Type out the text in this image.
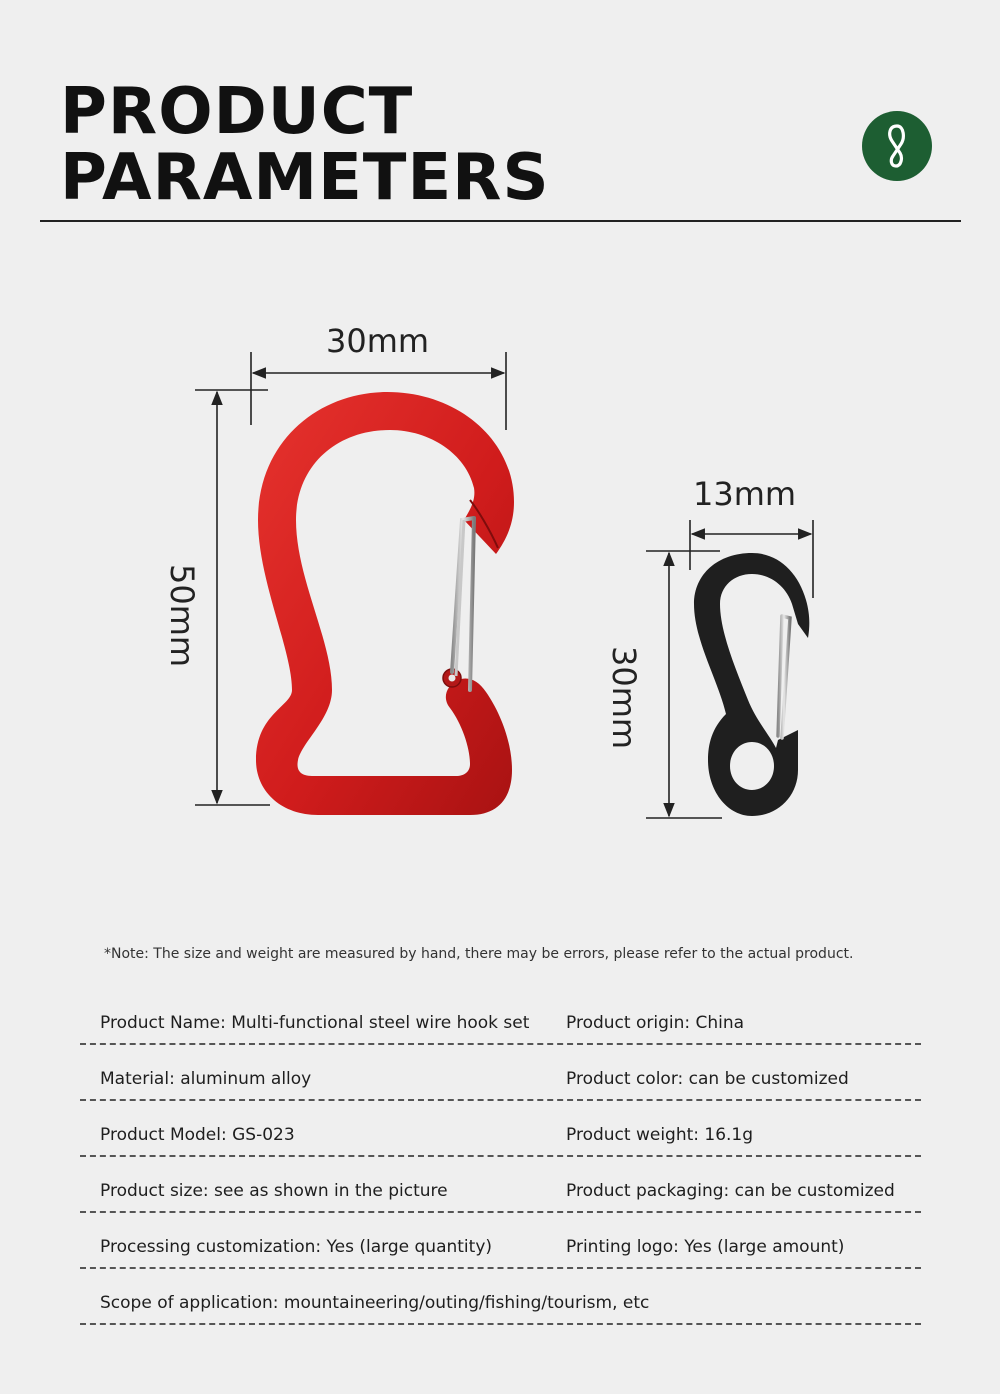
PRODUCT
PARAMETERS
30mm
50mm
13mm
30mm
*Note: The size and weight are measured by hand, there may be errors, please refer to the actual product.
Product Name: Multi-functional steel wire hook set Product origin: China
Material: aluminum alloy	Product color: can be customized
Product Model: GS-023	Product weight: 16.1g
Product size: see as shown in the picture	Product packaging: can be customized
Processing customization: Yes (large quantity)	Printing logo: Yes (large amount)
Scope of application: mountaineering/outing/fishing/tourism, etc
